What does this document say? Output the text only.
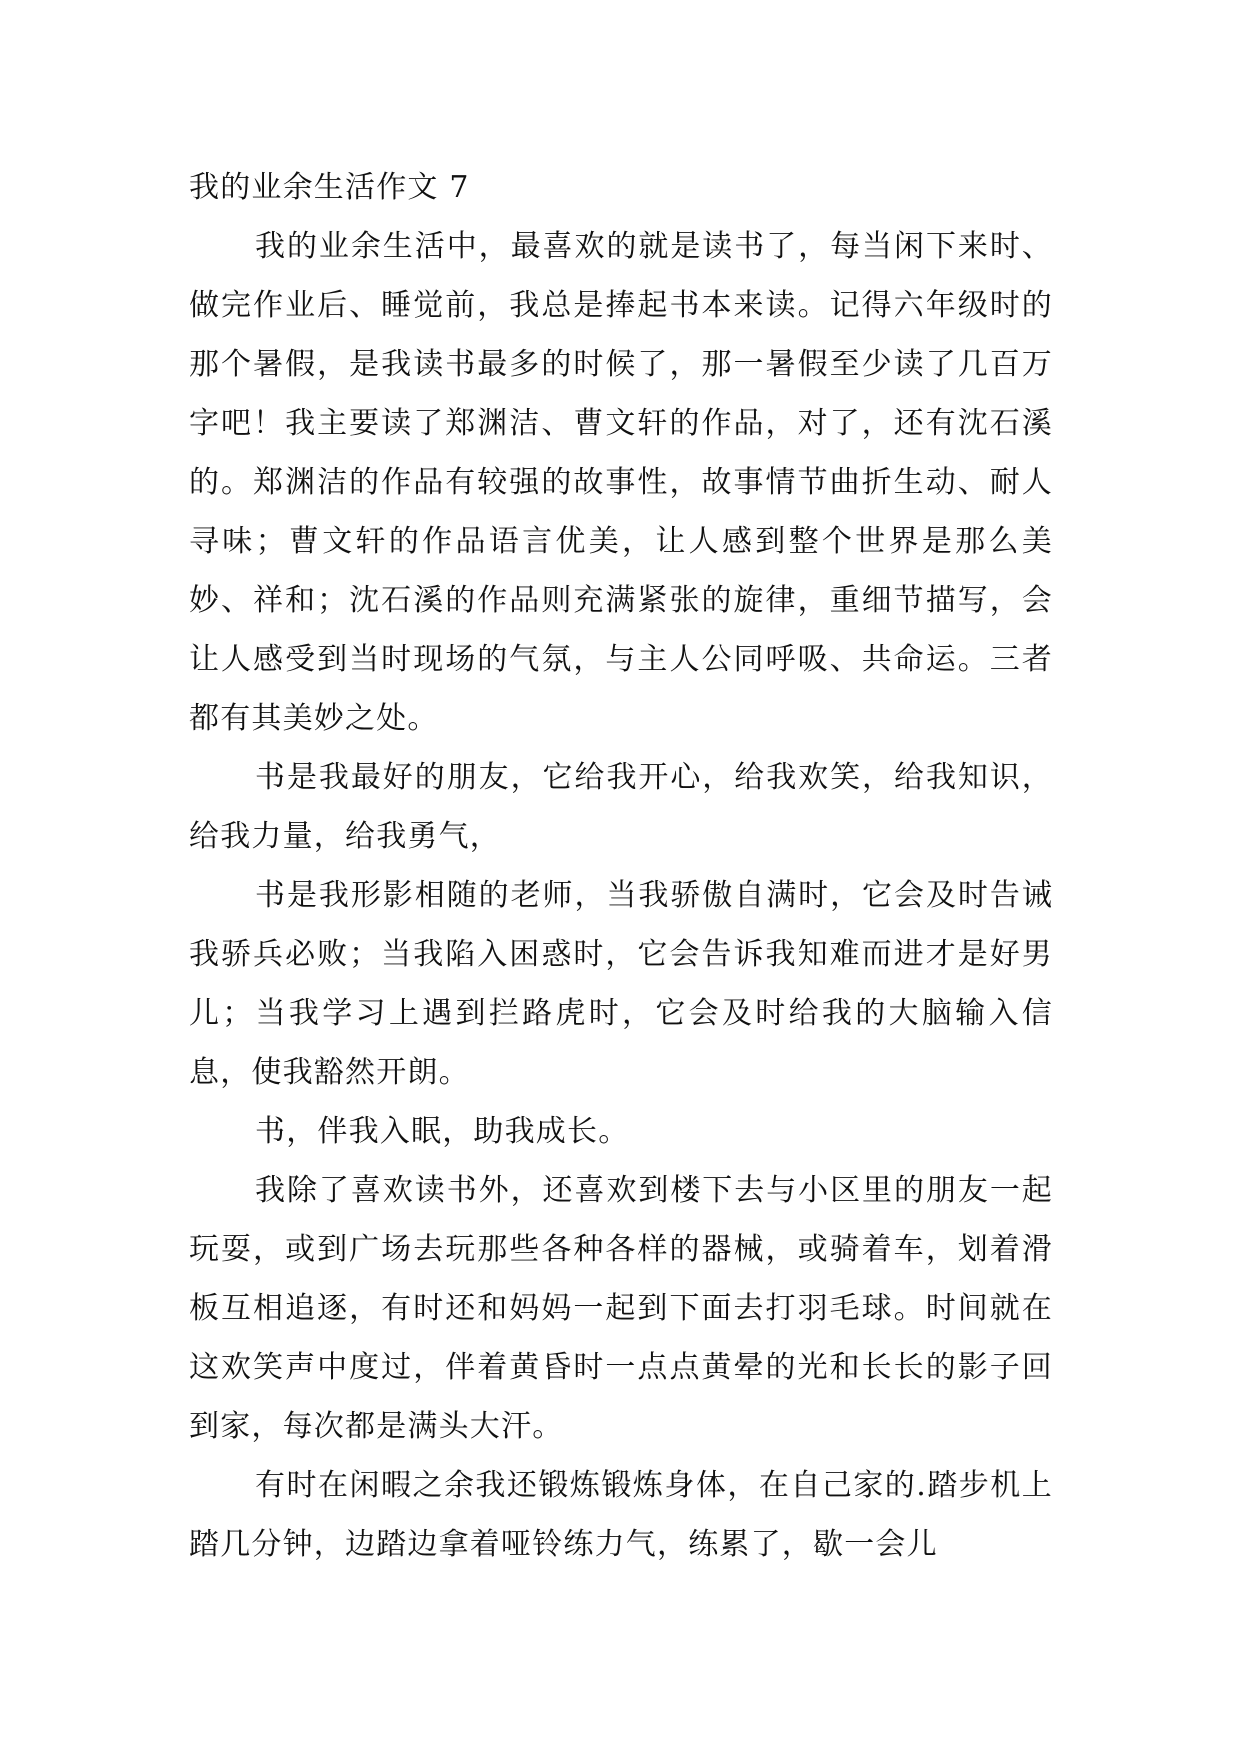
我的业余生活作文 7

我的业余生活中，最喜欢的就是读书了，每当闲下来时、做完作业后、睡觉前，我总是捧起书本来读。记得六年级时的那个暑假，是我读书最多的时候了，那一暑假至少读了几百万字吧！我主要读了郑渊洁、曹文轩的作品，对了，还有沈石溪的。郑渊洁的作品有较强的故事性，故事情节曲折生动、耐人寻味；曹文轩的作品语言优美，让人感到整个世界是那么美妙、祥和；沈石溪的作品则充满紧张的旋律，重细节描写，会让人感受到当时现场的气氛，与主人公同呼吸、共命运。三者都有其美妙之处。

书是我最好的朋友，它给我开心，给我欢笑，给我知识，给我力量，给我勇气，

书是我形影相随的老师，当我骄傲自满时，它会及时告诫我骄兵必败；当我陷入困惑时，它会告诉我知难而进才是好男儿；当我学习上遇到拦路虎时，它会及时给我的大脑输入信息，使我豁然开朗。

书，伴我入眠，助我成长。

我除了喜欢读书外，还喜欢到楼下去与小区里的朋友一起玩耍，或到广场去玩那些各种各样的器械，或骑着车，划着滑板互相追逐，有时还和妈妈一起到下面去打羽毛球。时间就在这欢笑声中度过，伴着黄昏时一点点黄晕的光和长长的影子回到家，每次都是满头大汗。

有时在闲暇之余我还锻炼锻炼身体，在自己家的.踏步机上踏几分钟，边踏边拿着哑铃练力气，练累了，歇一会儿
